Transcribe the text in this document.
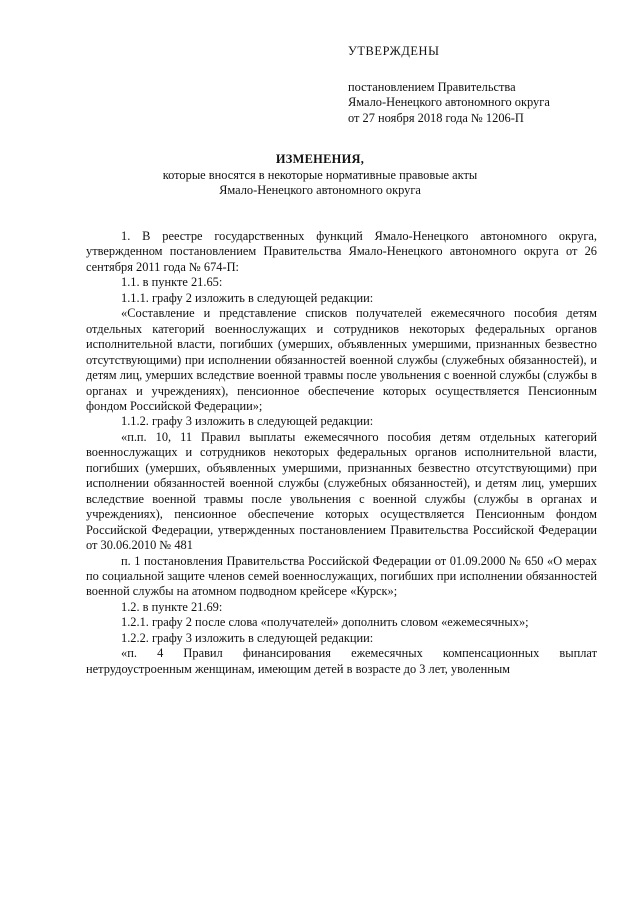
УТВЕРЖДЕНЫ
постановлением Правительства
Ямало-Ненецкого автономного округа
от 27 ноября 2018 года № 1206-П
ИЗМЕНЕНИЯ,
которые вносятся в некоторые нормативные правовые акты
Ямало-Ненецкого автономного округа

1. В реестре государственных функций Ямало-Ненецкого автономного округа, утвержденном постановлением Правительства Ямало-Ненецкого автономного округа от 26 сентября 2011 года № 674-П:

1.1. в пункте 21.65:

1.1.1. графу 2 изложить в следующей редакции:

«Составление и представление списков получателей ежемесячного пособия детям отдельных категорий военнослужащих и сотрудников некоторых федеральных органов исполнительной власти, погибших (умерших, объявленных умершими, признанных безвестно отсутствующими) при исполнении обязанностей военной службы (служебных обязанностей), и детям лиц, умерших вследствие военной травмы после увольнения с военной службы (службы в органах и учреждениях), пенсионное обеспечение которых осуществляется Пенсионным фондом Российской Федерации»;

1.1.2. графу 3 изложить в следующей редакции:

«п.п. 10, 11 Правил выплаты ежемесячного пособия детям отдельных категорий военнослужащих и сотрудников некоторых федеральных органов исполнительной власти, погибших (умерших, объявленных умершими, признанных безвестно отсутствующими) при исполнении обязанностей военной службы (служебных обязанностей), и детям лиц, умерших вследствие военной травмы после увольнения с военной службы (службы в органах и учреждениях), пенсионное обеспечение которых осуществляется Пенсионным фондом Российской Федерации, утвержденных постановлением Правительства Российской Федерации от 30.06.2010 № 481

п. 1 постановления Правительства Российской Федерации от 01.09.2000 № 650 «О мерах по социальной защите членов семей военнослужащих, погибших при исполнении обязанностей военной службы на атомном подводном крейсере «Курск»;

1.2. в пункте 21.69:

1.2.1. графу 2 после слова «получателей» дополнить словом «ежемесячных»;

1.2.2. графу 3 изложить в следующей редакции:

«п. 4 Правил финансирования ежемесячных компенсационных выплат нетрудоустроенным женщинам, имеющим детей в возрасте до 3 лет, уволенным
